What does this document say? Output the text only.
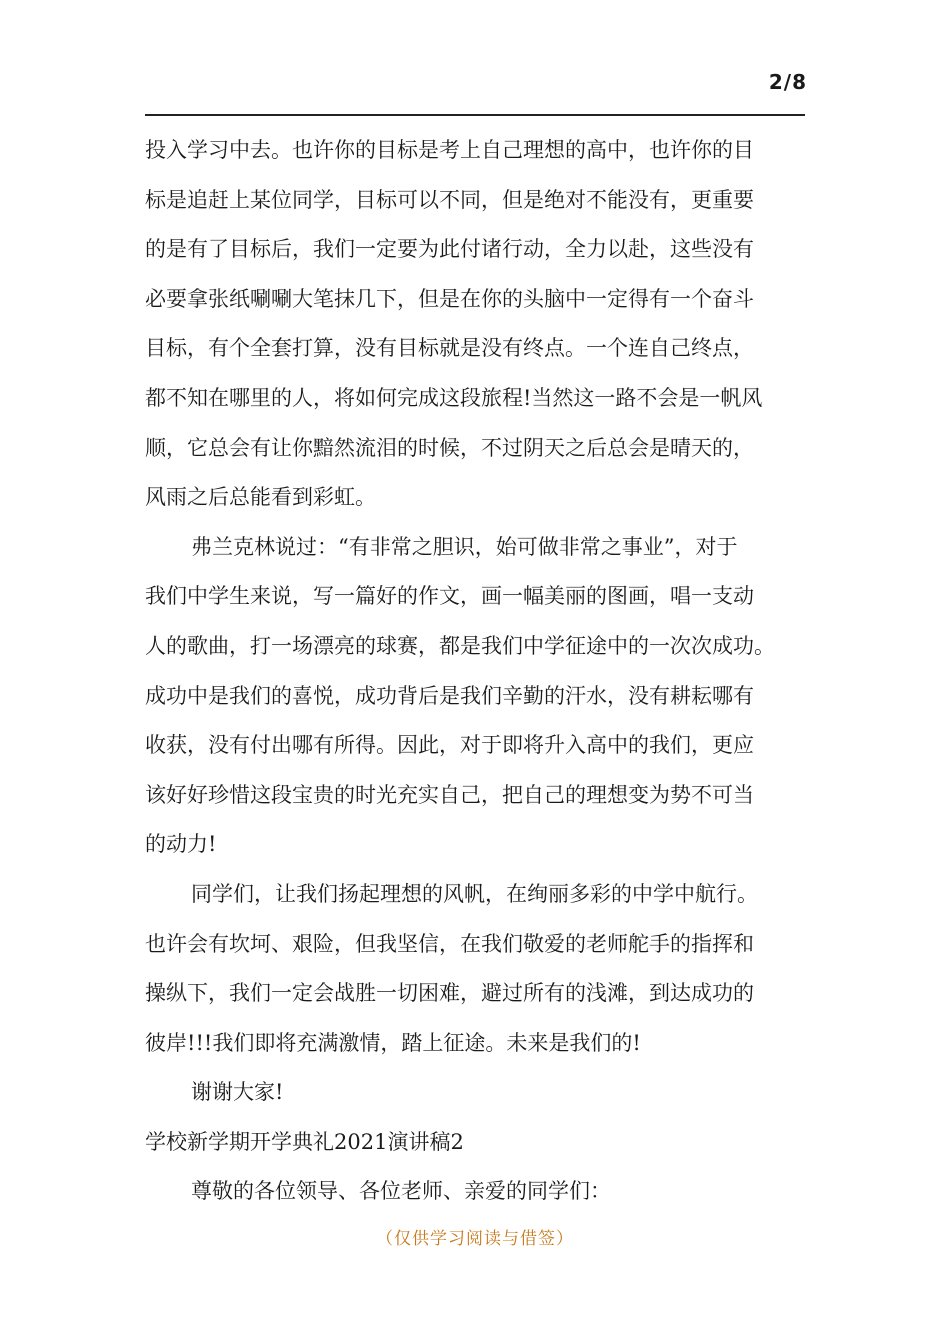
2/8
投入学习中去。也许你的目标是考上自己理想的高中，也许你的目
标是追赶上某位同学，目标可以不同，但是绝对不能没有，更重要
的是有了目标后，我们一定要为此付诸行动，全力以赴，这些没有
必要拿张纸唰唰大笔抹几下，但是在你的头脑中一定得有一个奋斗
目标，有个全套打算，没有目标就是没有终点。一个连自己终点，
都不知在哪里的人，将如何完成这段旅程!当然这一路不会是一帆风
顺，它总会有让你黯然流泪的时候，不过阴天之后总会是晴天的，
风雨之后总能看到彩虹。
弗兰克林说过：“有非常之胆识，始可做非常之事业”，对于
我们中学生来说，写一篇好的作文，画一幅美丽的图画，唱一支动
人的歌曲，打一场漂亮的球赛，都是我们中学征途中的一次次成功。
成功中是我们的喜悦，成功背后是我们辛勤的汗水，没有耕耘哪有
收获，没有付出哪有所得。因此，对于即将升入高中的我们，更应
该好好珍惜这段宝贵的时光充实自己，把自己的理想变为势不可当
的动力!
同学们，让我们扬起理想的风帆，在绚丽多彩的中学中航行。
也许会有坎坷、艰险，但我坚信，在我们敬爱的老师舵手的指挥和
操纵下，我们一定会战胜一切困难，避过所有的浅滩，到达成功的
彼岸!!!我们即将充满激情，踏上征途。未来是我们的!
谢谢大家!
学校新学期开学典礼2021演讲稿2
尊敬的各位领导、各位老师、亲爱的同学们：
（仅供学习阅读与借签）
